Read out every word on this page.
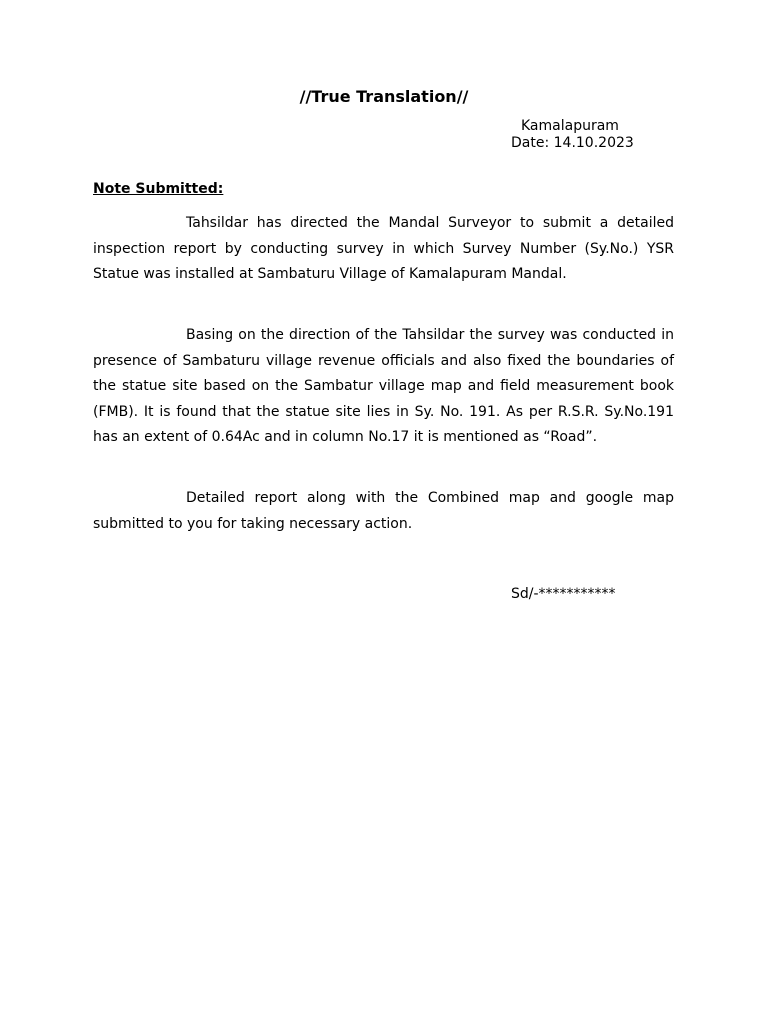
//True Translation//
Kamalapuram
Date: 14.10.2023
Note Submitted:

Tahsildar has directed the Mandal Surveyor to submit a detailed inspection report by conducting survey in which Survey Number (Sy.No.) YSR Statue was installed at Sambaturu Village of Kamalapuram Mandal.

Basing on the direction of the Tahsildar the survey was conducted in presence of Sambaturu village revenue officials and also fixed the boundaries of the statue site based on the Sambatur village map and field measurement book (FMB). It is found that the statue site lies in Sy. No. 191. As per R.S.R. Sy.No.191 has an extent of 0.64Ac and in column No.17 it is mentioned as “Road”.

Detailed report along with the Combined map and google map submitted to you for taking necessary action.

Sd/-***********
